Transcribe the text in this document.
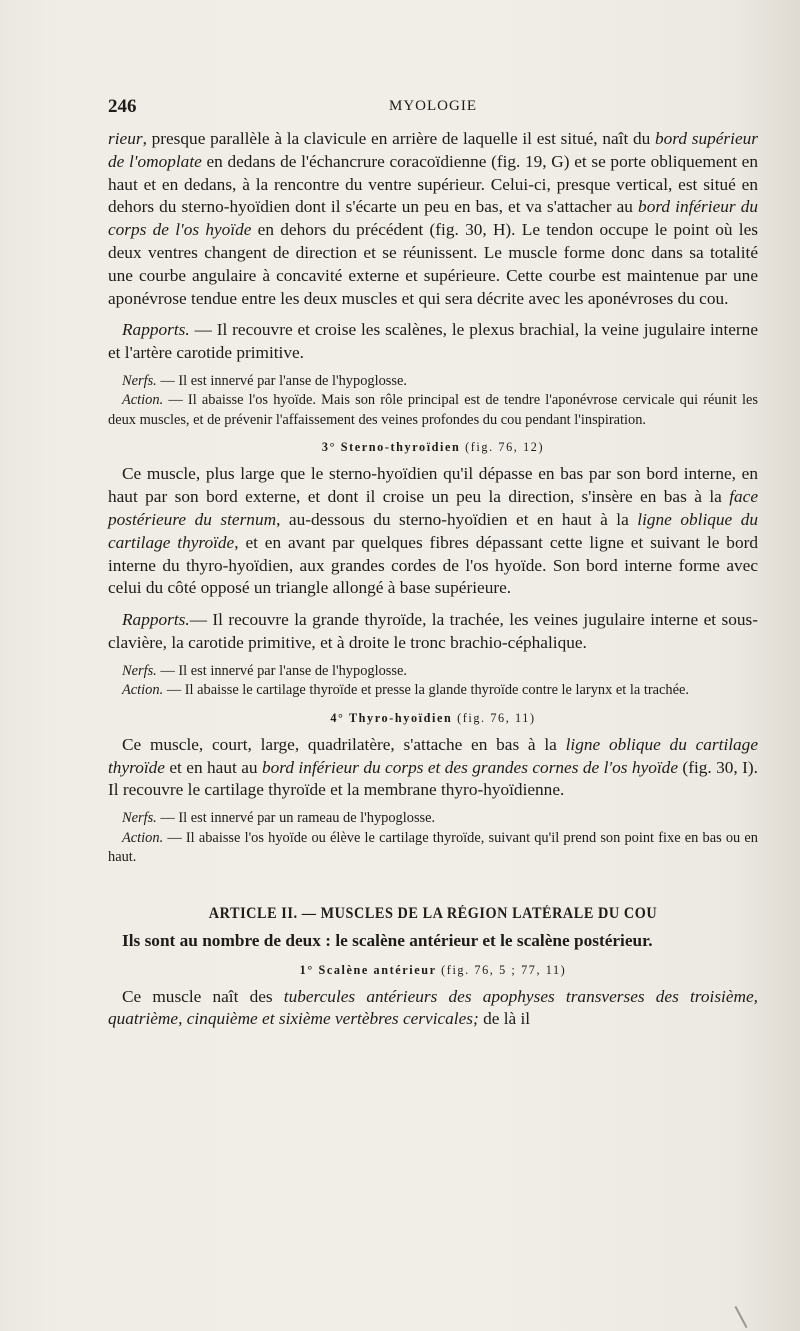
246	MYOLOGIE

rieur, presque parallèle à la clavicule en arrière de laquelle il est situé, naît du bord supérieur de l'omoplate en dedans de l'échancrure coracoïdienne (fig. 19, G) et se porte obliquement en haut et en dedans, à la rencontre du ventre supérieur. Celui-ci, presque vertical, est situé en dehors du sterno-hyoïdien dont il s'écarte un peu en bas, et va s'attacher au bord inférieur du corps de l'os hyoïde en dehors du précédent (fig. 30, H). Le tendon occupe le point où les deux ventres changent de direction et se réunissent. Le muscle forme donc dans sa totalité une courbe angulaire à concavité externe et supérieure. Cette courbe est maintenue par une aponévrose tendue entre les deux muscles et qui sera décrite avec les aponévroses du cou.

Rapports. — Il recouvre et croise les scalènes, le plexus brachial, la veine jugulaire interne et l'artère carotide primitive.

Nerfs. — Il est innervé par l'anse de l'hypoglosse.

Action. — Il abaisse l'os hyoïde. Mais son rôle principal est de tendre l'aponévrose cervicale qui réunit les deux muscles, et de prévenir l'affaissement des veines profondes du cou pendant l'inspiration.

3° Sterno-thyroïdien (fig. 76, 12)

Ce muscle, plus large que le sterno-hyoïdien qu'il dépasse en bas par son bord interne, en haut par son bord externe, et dont il croise un peu la direction, s'insère en bas à la face postérieure du sternum, au-dessous du sterno-hyoïdien et en haut à la ligne oblique du cartilage thyroïde, et en avant par quelques fibres dépassant cette ligne et suivant le bord interne du thyro-hyoïdien, aux grandes cordes de l'os hyoïde. Son bord interne forme avec celui du côté opposé un triangle allongé à base supérieure.

Rapports.— Il recouvre la grande thyroïde, la trachée, les veines jugulaire interne et sous-clavière, la carotide primitive, et à droite le tronc brachio-céphalique.

Nerfs. — Il est innervé par l'anse de l'hypoglosse.

Action. — Il abaisse le cartilage thyroïde et presse la glande thyroïde contre le larynx et la trachée.

4° Thyro-hyoïdien (fig. 76, 11)

Ce muscle, court, large, quadrilatère, s'attache en bas à la ligne oblique du cartilage thyroïde et en haut au bord inférieur du corps et des grandes cornes de l'os hyoïde (fig. 30, I). Il recouvre le cartilage thyroïde et la membrane thyro-hyoïdienne.

Nerfs. — Il est innervé par un rameau de l'hypoglosse.

Action. — Il abaisse l'os hyoïde ou élève le cartilage thyroïde, suivant qu'il prend son point fixe en bas ou en haut.

ARTICLE II. — MUSCLES DE LA RÉGION LATÉRALE DU COU

Ils sont au nombre de deux : le scalène antérieur et le scalène postérieur.

1° Scalène antérieur (fig. 76, 5 ; 77, 11)

Ce muscle naît des tubercules antérieurs des apophyses transverses des troisième, quatrième, cinquième et sixième vertèbres cervicales; de là il
